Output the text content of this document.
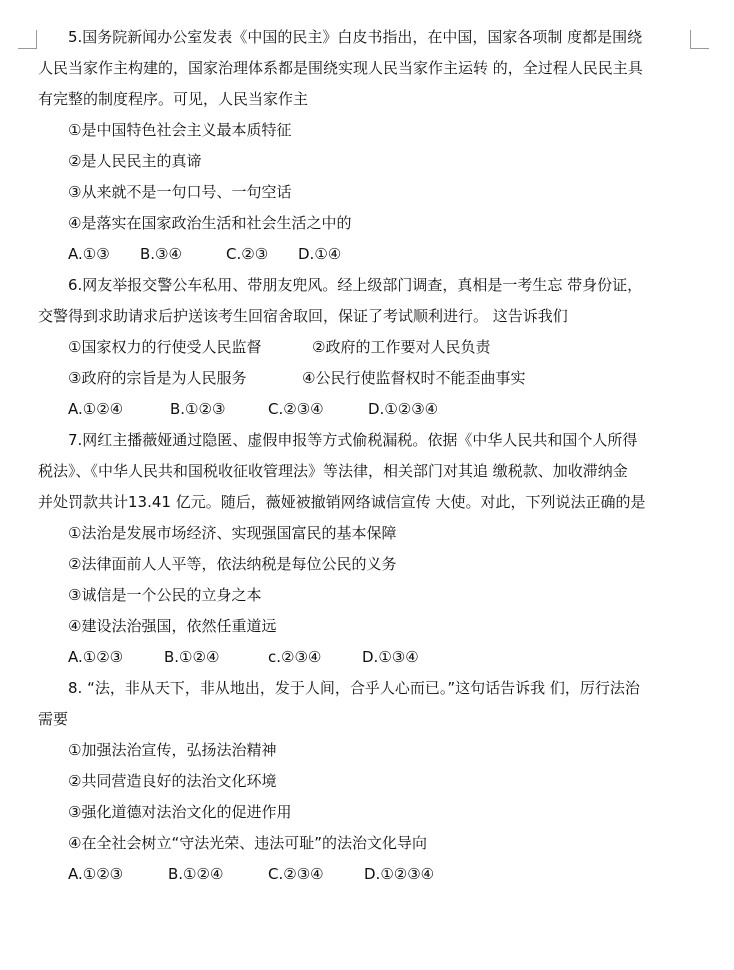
5.国务院新闻办公室发表《中国的民主》白皮书指出，在中国，国家各项制 度都是围绕
人民当家作主构建的，国家治理体系都是围绕实现人民当家作主运转 的，全过程人民民主具
有完整的制度程序。可见，人民当家作主
①是中国特色社会主义最本质特征
②是人民民主的真谛
③从来就不是一句口号、一句空话
④是落实在国家政治生活和社会生活之中的
A.①③ B.③④	C.②③ D.①④
6.网友举报交警公车私用、带朋友兜风。经上级部门调查，真相是一考生忘 带身份证，
交警得到求助请求后护送该考生回宿舍取回，保证了考试顺利进行。 这告诉我们
①国家权力的行使受人民监督	②政府的工作要对人民负责
③政府的宗旨是为人民服务	④公民行使监督权时不能歪曲事实
A.①②④	B.①②③	C.②③④	D.①②③④
7.网红主播薇娅通过隐匿、虚假申报等方式偷税漏税。依据《中华人民共和国个人所得
税法》、《中华人民共和国税收征收管理法》等法律，相关部门对其追 缴税款、加收滞纳金
并处罚款共计13.41 亿元。随后，薇娅被撤销网络诚信宣传 大使。对此，下列说法正确的是
①法治是发展市场经济、实现强国富民的基本保障
②法律面前人人平等，依法纳税是每位公民的义务
③诚信是一个公民的立身之本
④建设法治强国，依然任重道远
A.①②③	B.①②④	c.②③④	D.①③④
8. “法，非从天下，非从地出，发于人间，合乎人心而已。”这句话告诉我 们，厉行法治
需要
①加强法治宣传，弘扬法治精神
②共同营造良好的法治文化环境
③强化道德对法治文化的促进作用
④在全社会树立“守法光荣、违法可耻”的法治文化导向
A.①②③	B.①②④	C.②③④	D.①②③④
